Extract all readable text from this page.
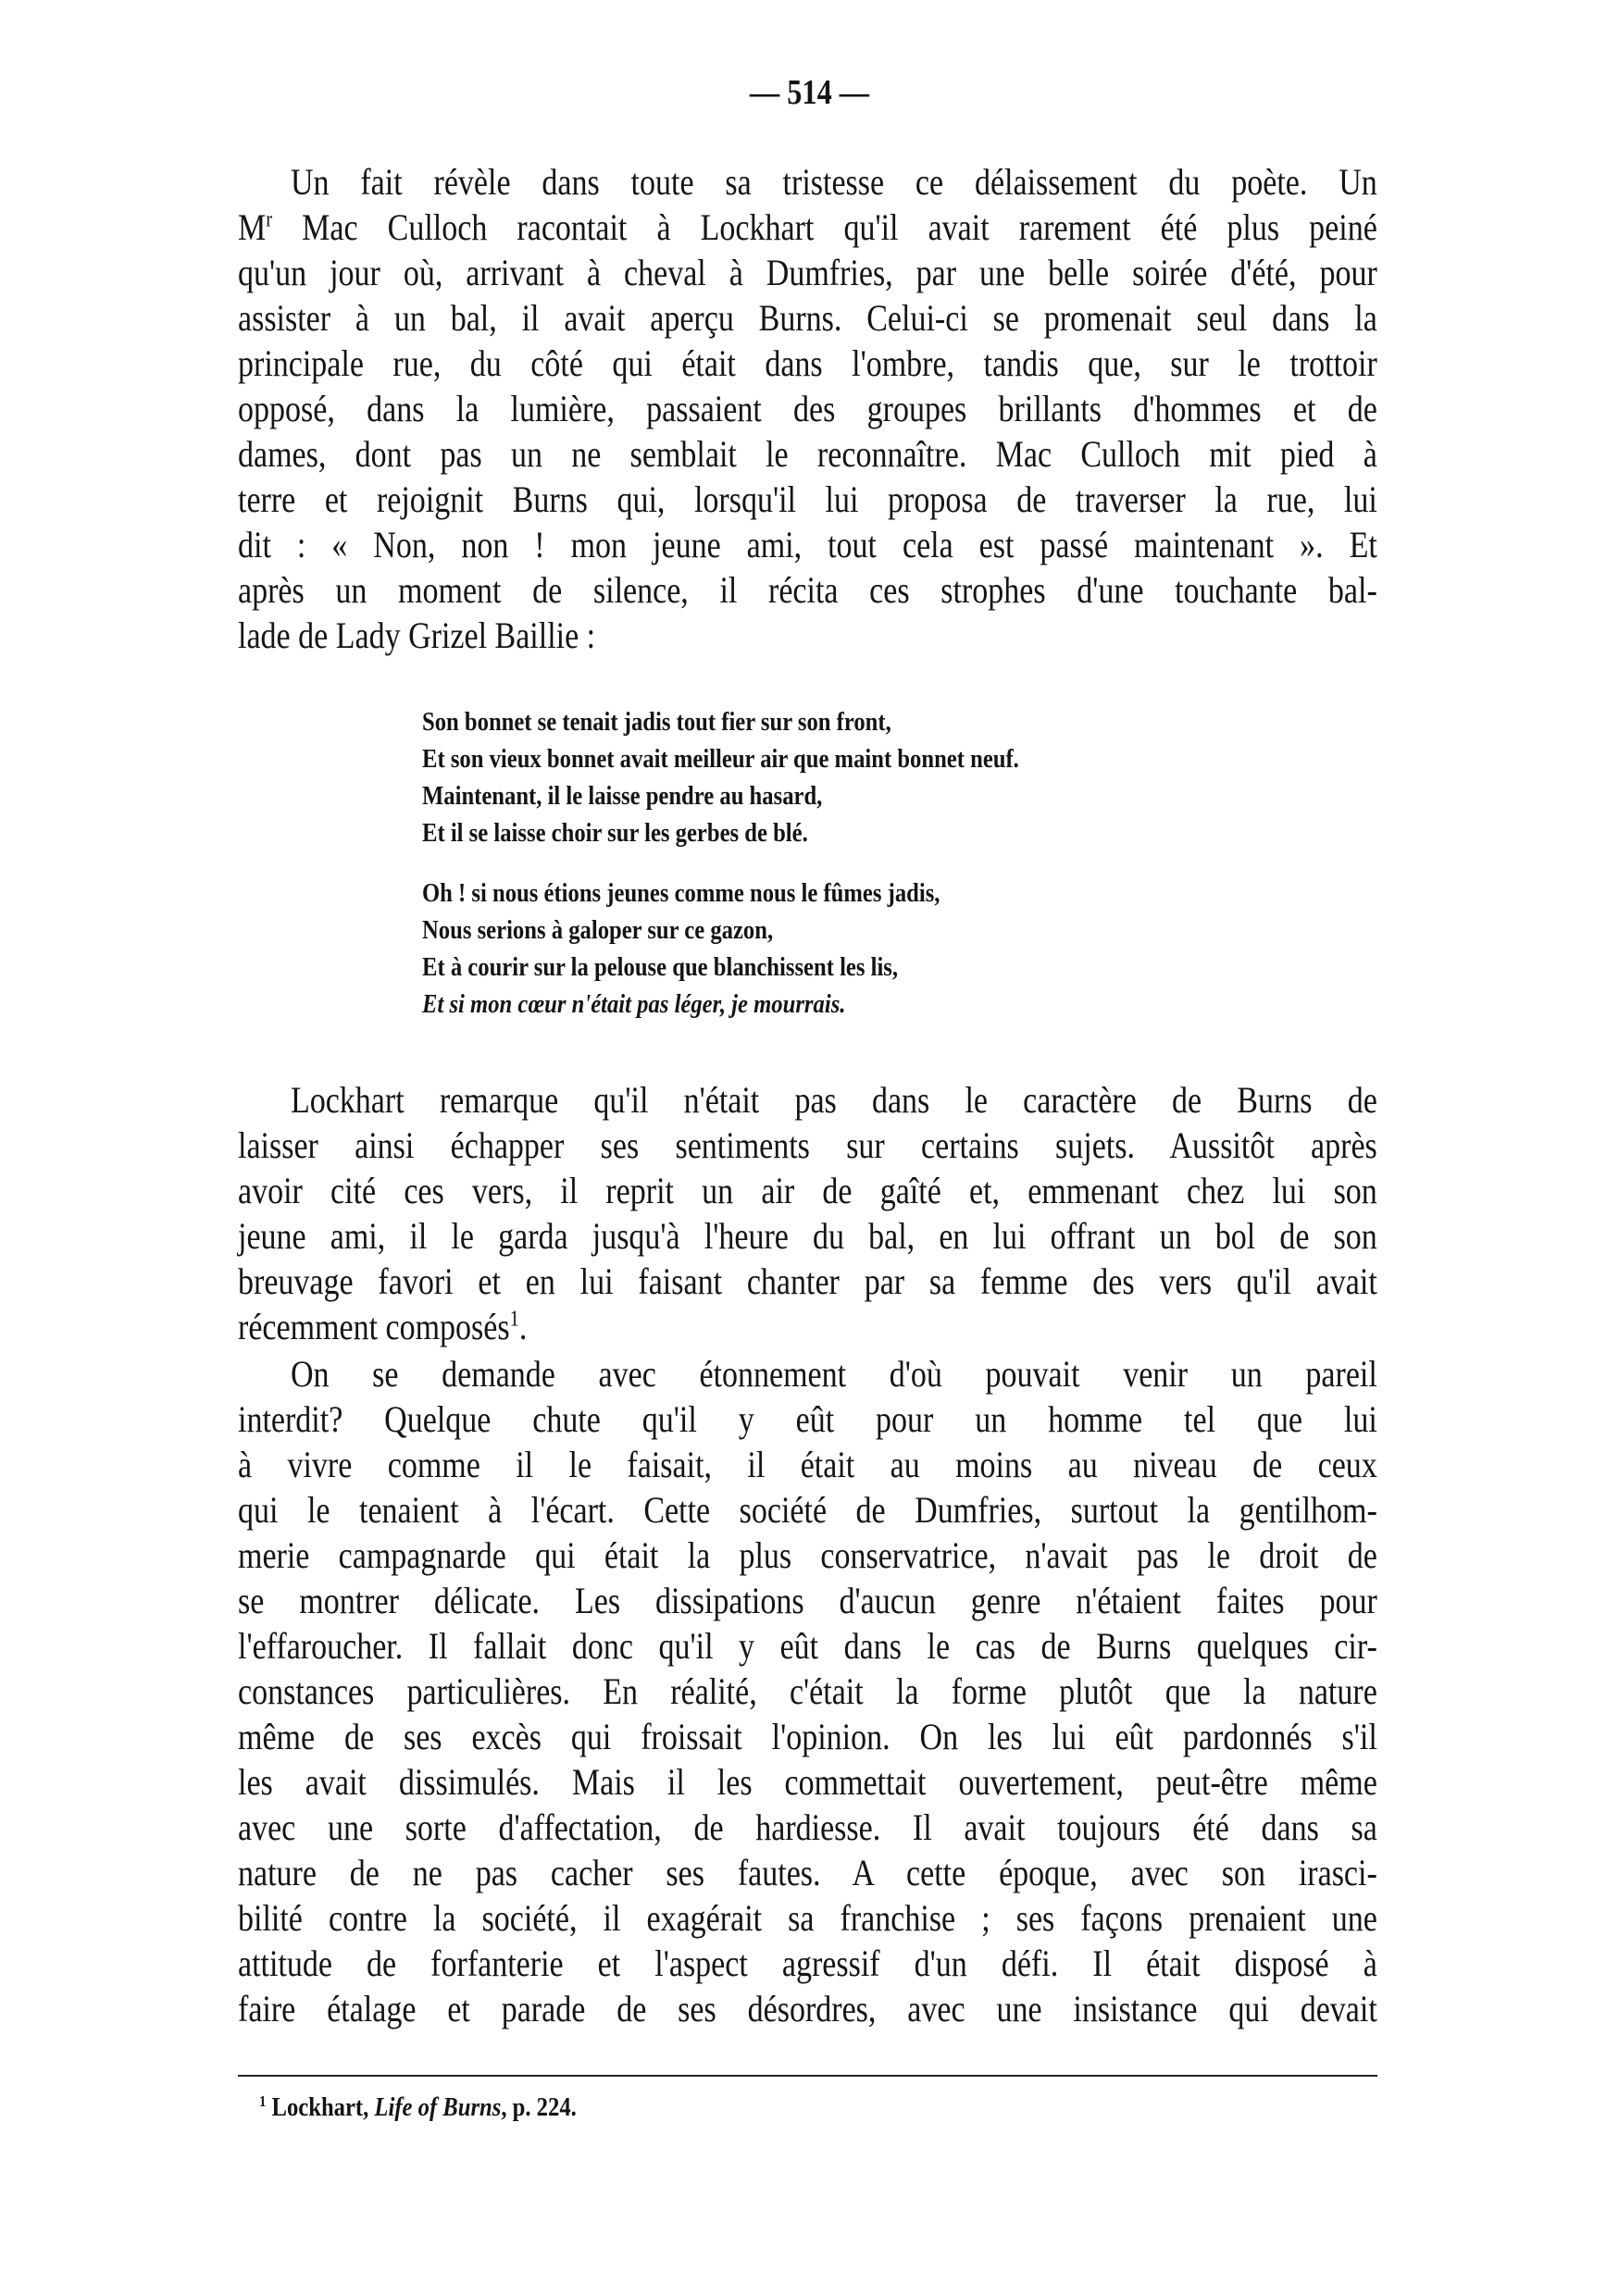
— 514 —
Un fait révèle dans toute sa tristesse ce délaissement du poète. Un
$M^r$ Mac Culloch racontait à Lockhart qu'il avait rarement été plus peiné
qu'un jour où, arrivant à cheval à Dumfries, par une belle soirée d'été, pour
assister à un bal, il avait aperçu Burns. Celui-ci se promenait seul dans la
principale rue, du côté qui était dans l'ombre, tandis que, sur le trottoir
opposé, dans la lumière, passaient des groupes brillants d'hommes et de
dames, dont pas un ne semblait le reconnaître. Mac Culloch mit pied à
terre et rejoignit Burns qui, lorsqu'il lui proposa de traverser la rue, lui
dit : « Non, non ! mon jeune ami, tout cela est passé maintenant ». Et
après un moment de silence, il récita ces strophes d'une touchante bal-
lade de Lady Grizel Baillie :
Son bonnet se tenait jadis tout fier sur son front,
Et son vieux bonnet avait meilleur air que maint bonnet neuf.
Maintenant, il le laisse pendre au hasard,
Et il se laisse choir sur les gerbes de blé.
Oh ! si nous étions jeunes comme nous le fûmes jadis,
Nous serions à galoper sur ce gazon,
Et à courir sur la pelouse que blanchissent les lis,
Et si mon cœur n'était pas léger, je mourrais.
Lockhart remarque qu'il n'était pas dans le caractère de Burns de
laisser ainsi échapper ses sentiments sur certains sujets. Aussitôt après
avoir cité ces vers, il reprit un air de gaîté et, emmenant chez lui son
jeune ami, il le garda jusqu'à l'heure du bal, en lui offrant un bol de son
breuvage favori et en lui faisant chanter par sa femme des vers qu'il avait
récemment composés$^1$.
On se demande avec étonnement d'où pouvait venir un pareil
interdit? Quelque chute qu'il y eût pour un homme tel que lui
à vivre comme il le faisait, il était au moins au niveau de ceux
qui le tenaient à l'écart. Cette société de Dumfries, surtout la gentilhom-
merie campagnarde qui était la plus conservatrice, n'avait pas le droit de
se montrer délicate. Les dissipations d'aucun genre n'étaient faites pour
l'effaroucher. Il fallait donc qu'il y eût dans le cas de Burns quelques cir-
constances particulières. En réalité, c'était la forme plutôt que la nature
même de ses excès qui froissait l'opinion. On les lui eût pardonnés s'il
les avait dissimulés. Mais il les commettait ouvertement, peut-être même
avec une sorte d'affectation, de hardiesse. Il avait toujours été dans sa
nature de ne pas cacher ses fautes. A cette époque, avec son irasci-
bilité contre la société, il exagérait sa franchise ; ses façons prenaient une
attitude de forfanterie et l'aspect agressif d'un défi. Il était disposé à
faire étalage et parade de ses désordres, avec une insistance qui devait
$^1$ Lockhart, Life of Burns, p. 224.
